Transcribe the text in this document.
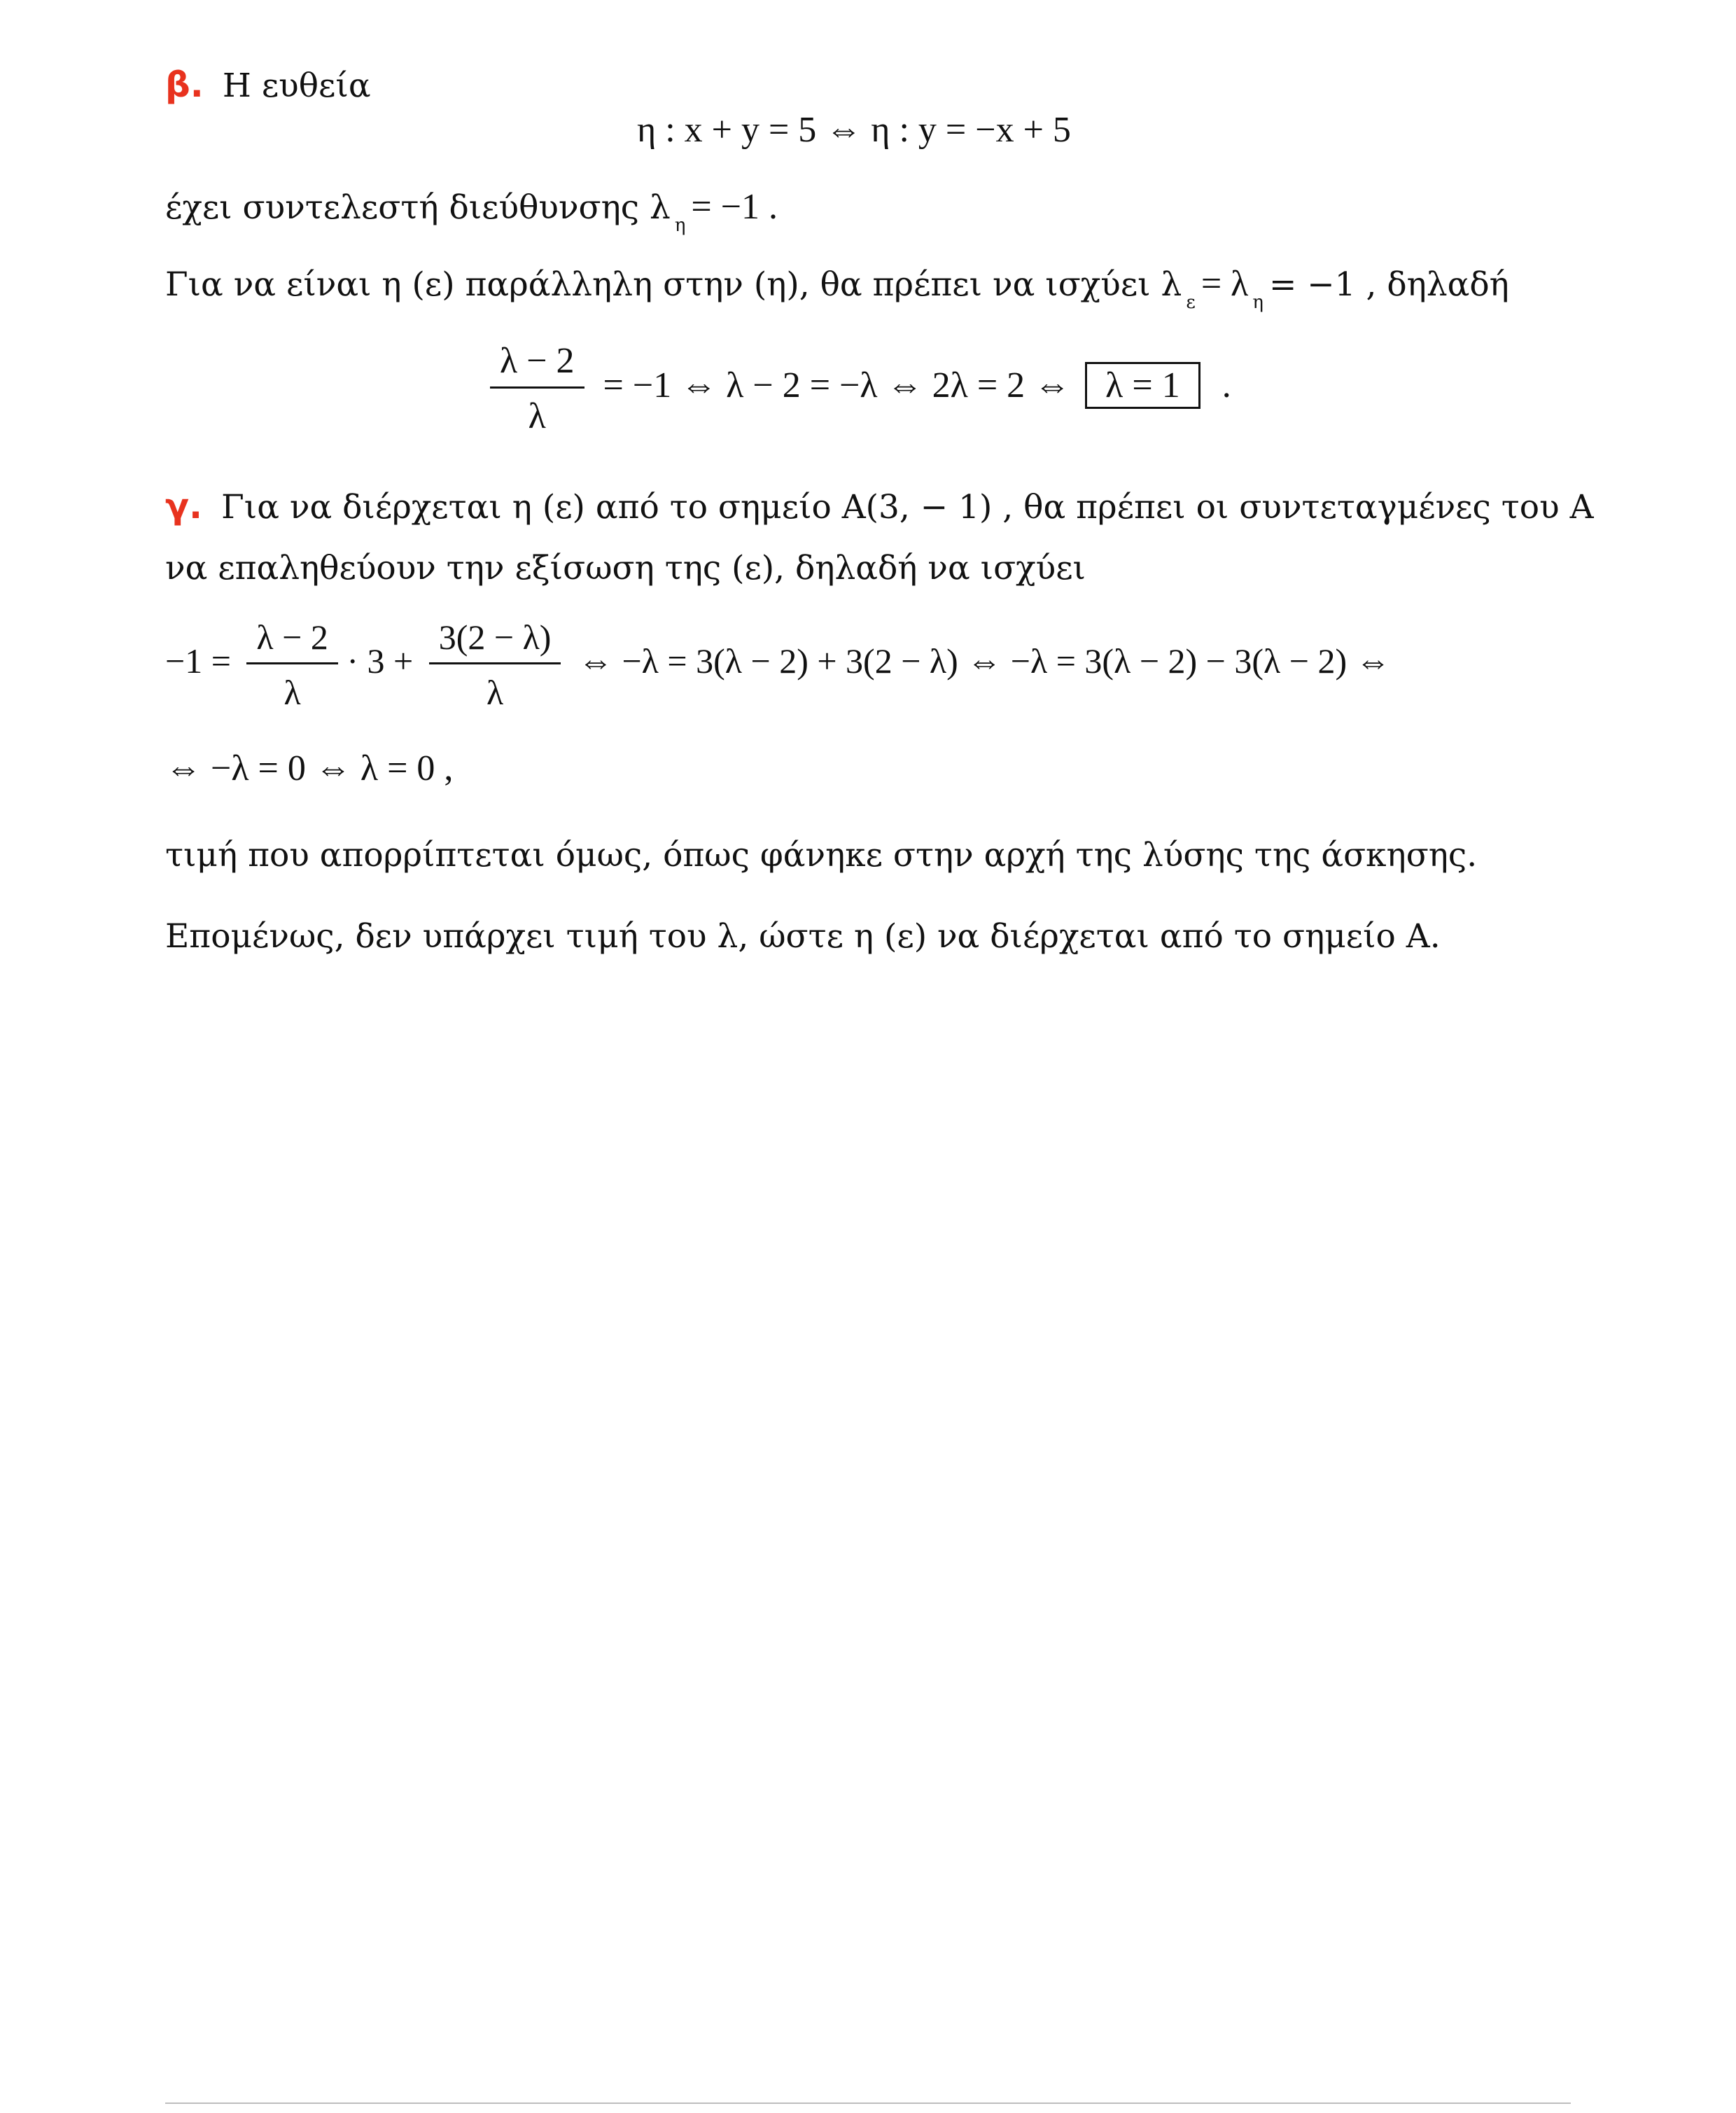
β. Η ευθεία
η : x + y = 5 ⇔ η : y = −x + 5
έχει συντελεστή διεύθυνσης λ $_\eta$ = −1 .
Για να είναι η (ε) παράλληλη στην (η), θα πρέπει να ισχύει λ $_\varepsilon$ = λ $_\eta$ = −1 , δηλαδή
$\frac{\lambda - 2}{\lambda} = -1$ ⇔ λ − 2 = −λ ⇔ 2λ = 2 ⇔ λ = 1 .
γ. Για να διέρχεται η (ε) από το σημείο Α(3, − 1) , θα πρέπει οι συντεταγμένες του Α
να επαληθεύουν την εξίσωση της (ε), δηλαδή να ισχύει
$-1 = \frac{\lambda - 2}{\lambda} \cdot 3 + \frac{3(2 - \lambda)}{\lambda}$ ⇔ −λ = 3(λ − 2) + 3(2 − λ) ⇔ −λ = 3(λ − 2) − 3(λ − 2) ⇔
⇔ −λ = 0 ⇔ λ = 0 ,
τιμή που απορρίπτεται όμως, όπως φάνηκε στην αρχή της λύσης της άσκησης.
Επομένως, δεν υπάρχει τιμή του λ, ώστε η (ε) να διέρχεται από το σημείο Α.
